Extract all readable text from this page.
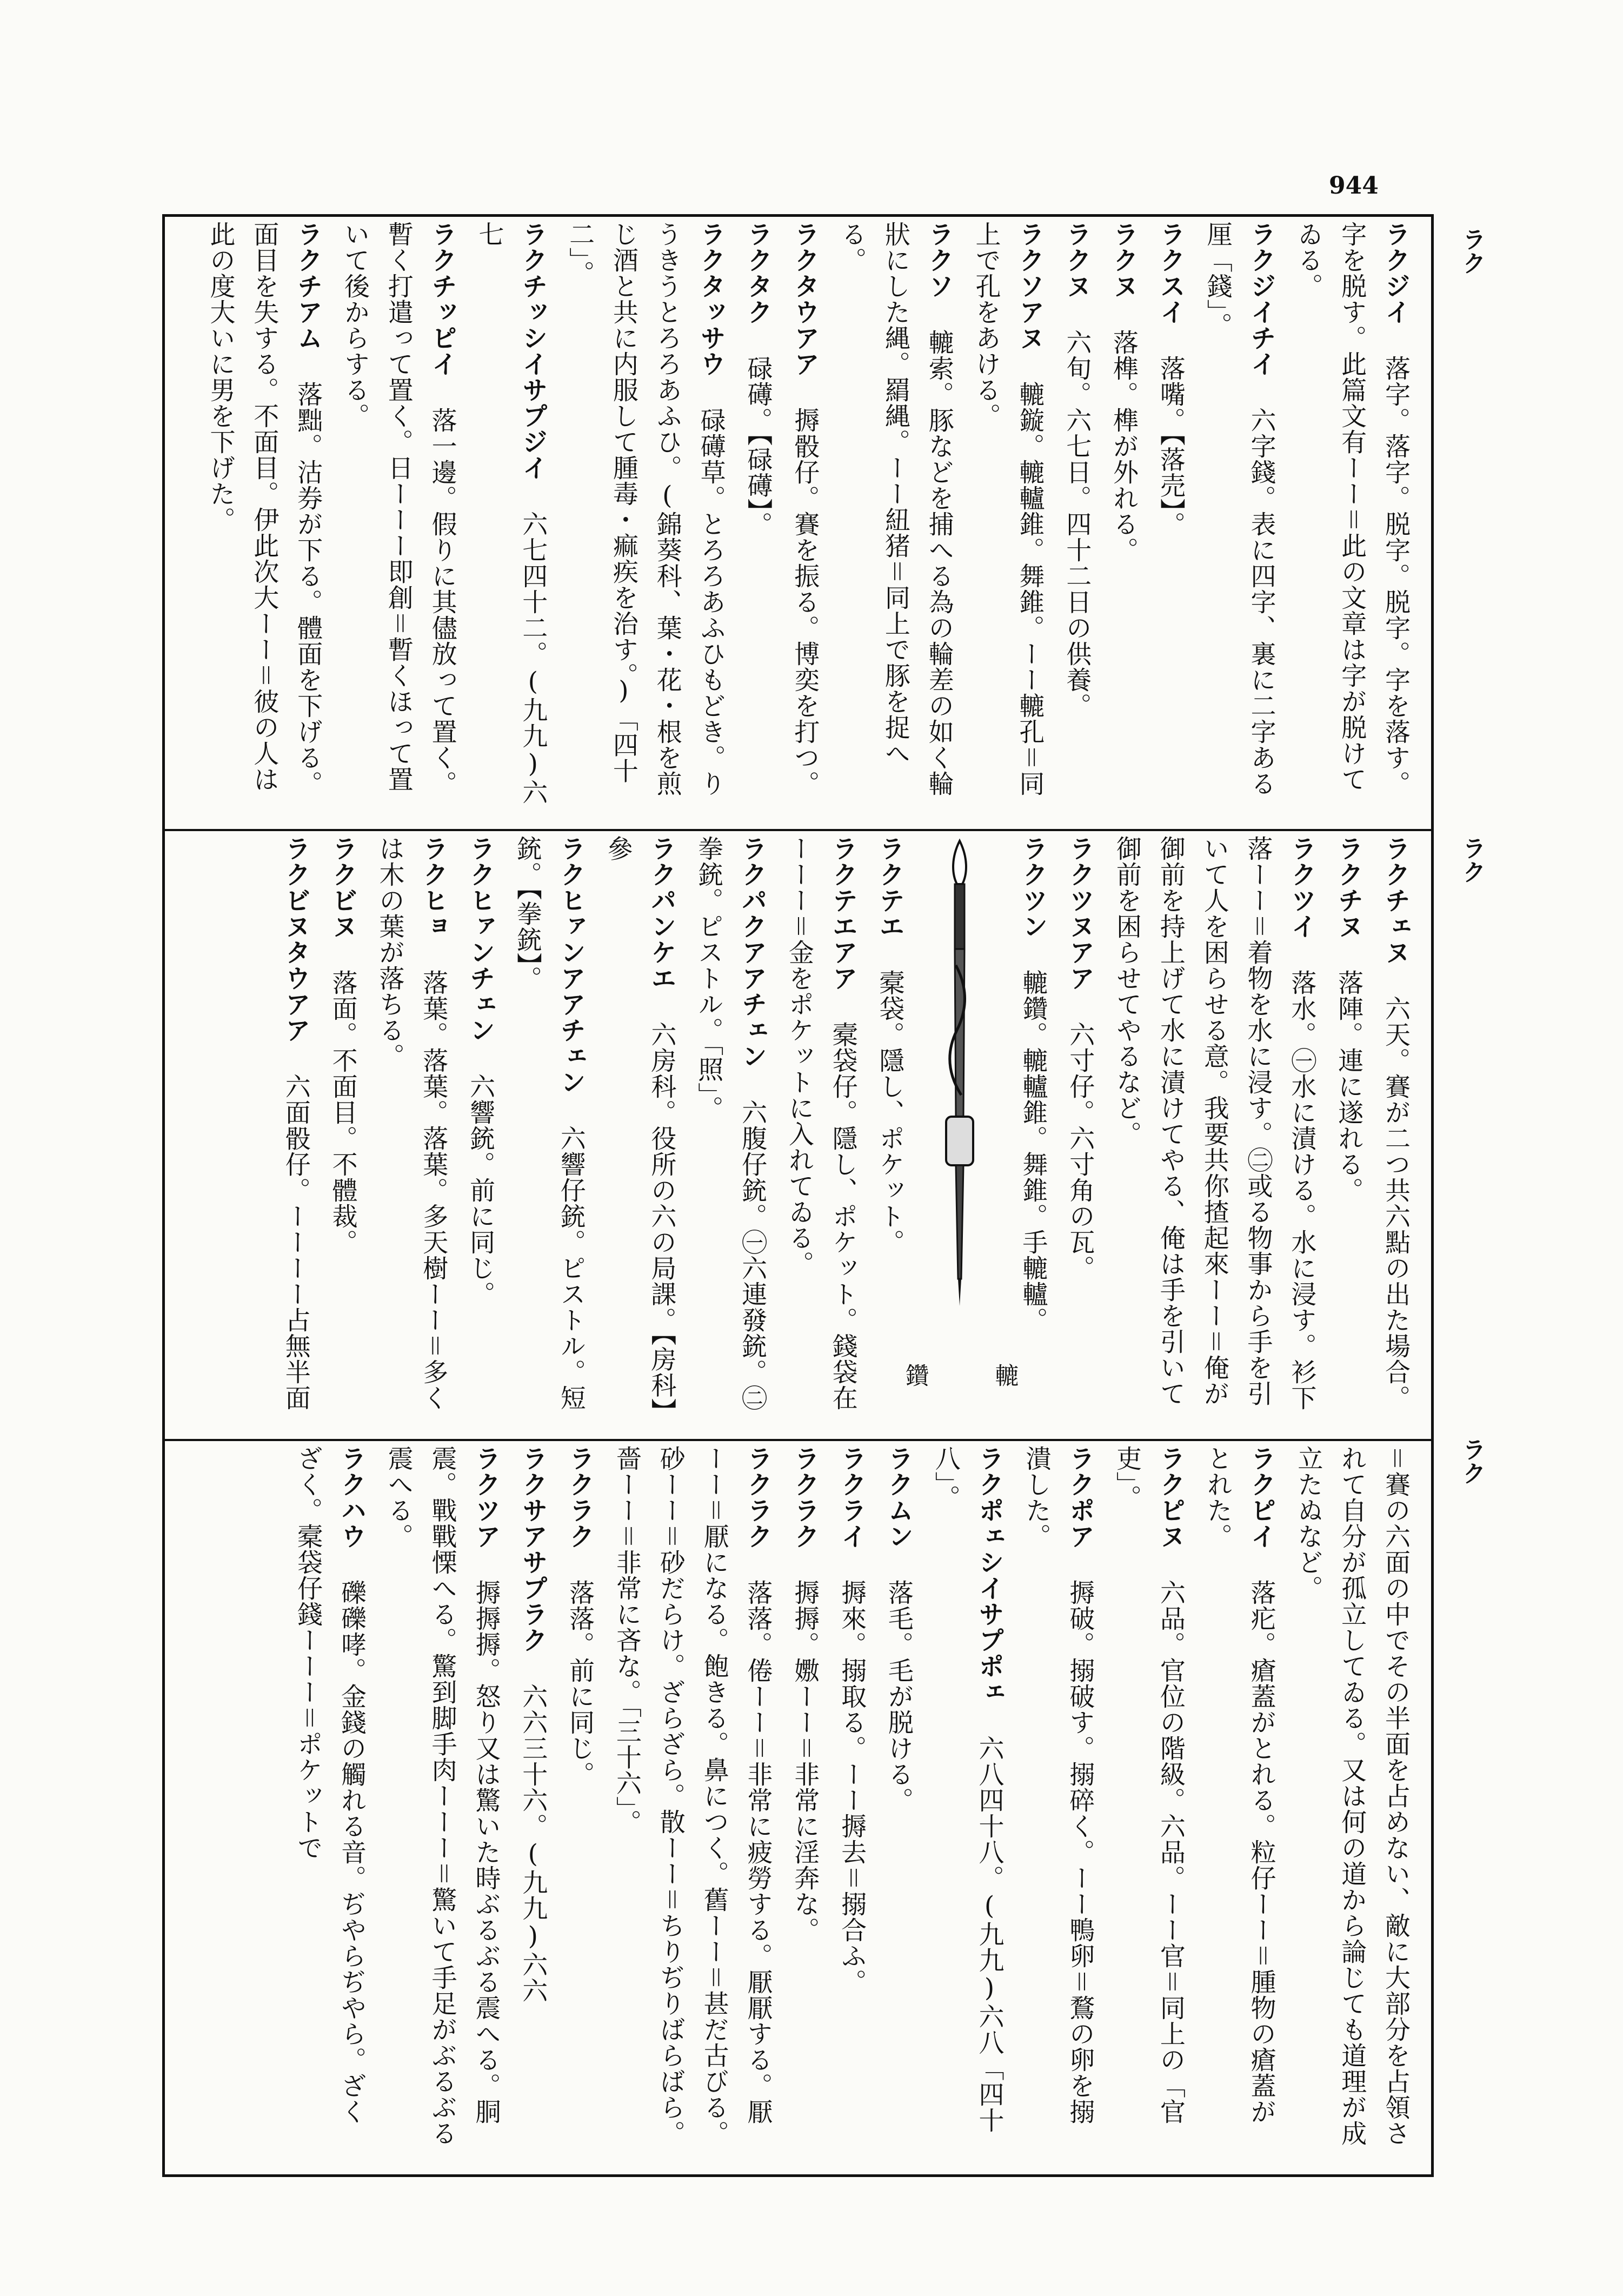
944
ラク
ラク
ラク
ラクジイ 落字。落字。脱字。脱字。字を落す。字を脱す。此篇文有ーー＝此の文章は字が脱けてゐる。
ラクジイチイ 六字錢。表に四字、裏に二字ある厘「錢」。
ラクスイ 落嘴。【落売】。
ラクヌ 落榫。榫が外れる。
ラクヌ 六旬。六七日。四十二日の供養。
ラクソアヌ 轆鏇。轆轤錐。舞錐。ーー轆孔＝同上で孔をあける。
ラクソ 轆索。豚などを捕へる為の輪差の如く輪狀にした縄。羂縄。ーー紐猪＝同上で豚を捉へる。
ラクタウアア 搙骰仔。賽を振る。博奕を打つ。
ラクタク 碌礡。【碌礡】。
ラクタッサウ 碌礡草。とろろあふひもどき。りうきうとろろあふひ。(錦葵科、葉・花・根を煎じ酒と共に内服して腫毒・痲疾を治す。)「四十二」。
ラクチッシイサプジイ 六七四十二。(九九)六七
ラクチッピイ 落一邊。假りに其儘放って置く。暫く打遣って置く。日ーーー即創＝暫くほって置いて後からする。
ラクチアム 落黜。沽券が下る。體面を下げる。面目を失する。不面目。伊此次大ーー＝彼の人は此の度大いに男を下げた。
ラクチェヌ 六天。賽が二つ共六點の出た場合。
ラクチヌ 落陣。連に遂れる。
ラクツイ 落水。㊀水に漬ける。水に浸す。衫下落ーー＝着物を水に浸す。㊁或る物事から手を引いて人を困らせる意。我要共你揸起來ーー＝俺が御前を持上げて水に漬けてやる、俺は手を引いて御前を困らせてやるなど。
ラクツヌアア 六寸仔。六寸角の瓦。
ラクツン 轆鑽。轆轤錐。舞錐。手轆轤。
轆
鑽
ラクテエ 槖袋。隱し、ポケット。
ラクテエアア 槖袋仔。隱し、ポケット。錢袋在ーーー＝金をポケットに入れてゐる。
ラクパクアアチェン 六腹仔銃。㊀六連發銃。㊁拳銃。ピストル。「照」。
ラクパンケエ 六房科。役所の六の局課。【房科】參
ラクヒァンアアチェン 六響仔銃。ピストル。短銃。【拳銃】。
ラクヒァンチェン 六響銃。前に同じ。
ラクヒョ 落葉。落葉。落葉。多天樹ーー＝多くは木の葉が落ちる。
ラクビヌ 落面。不面目。不體裁。
ラクビヌタウアア 六面骰仔。ーーーー占無半面
＝賽の六面の中でその半面を占めない、敵に大部分を占領されて自分が孤立してゐる。又は何の道から論じても道理が成立たぬなど。
ラクピイ 落疕。瘡蓋がとれる。粒仔ーー＝腫物の瘡蓋がとれた。
ラクピヌ 六品。官位の階級。六品。ーー官＝同上の「官吏」。
ラクポア 搙破。搦破す。搦碎く。ーー鴨卵＝鶩の卵を搦潰した。
ラクポェシイサプポェ 六八四十八。(九九)六八「四十八」。
ラクムン 落毛。毛が脱ける。
ラクライ 搙來。搦取る。ーー搙去＝搦合ふ。
ラクラク 搙搙。嫐ーー＝非常に淫奔な。
ラクラク 落落。倦ーー＝非常に疲勞する。厭厭する。厭ーー＝厭になる。飽きる。鼻につく。舊ーー＝甚だ古びる。砂ーー＝砂だらけ。ざらざら。散ーー＝ちりぢりばらばら。嗇ーー＝非常に吝な。「三十六」。
ラクラク 落落。前に同じ。
ラクサアサプラク 六六三十六。(九九)六六
ラクツア 搙搙搙。怒り又は驚いた時ぶるぶる震へる。胴震。戰戰慄へる。驚到脚手肉ーーー＝驚いて手足がぶるぶる震へる。
ラクハウ 礫礫哮。金錢の觸れる音。ぢやらぢやら。ざくざく。槖袋仔錢ーーー＝ポケットで
